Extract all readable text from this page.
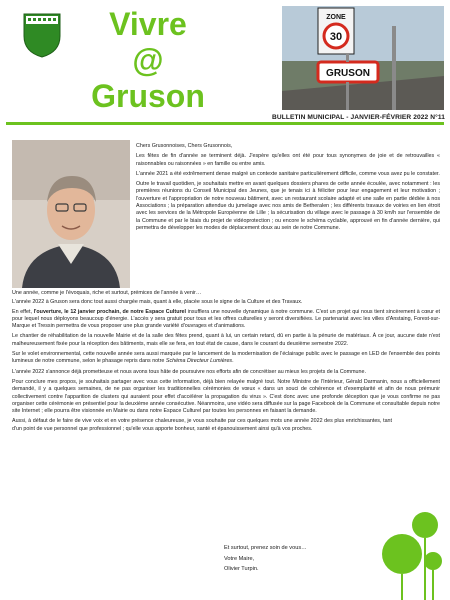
Vivre
@
Gruson
ZONE
30
GRUSON
BULLETIN MUNICIPAL - JANVIER-FÉVRIER 2022 N°11

Chers Grusonnoises, Chers Grusonnois,

Les fêtes de fin d'année se terminent déjà. J'espère qu'elles ont été pour tous synonymes de joie et de retrouvailles « raisonnables ou raisonnées » en famille ou entre amis.

L'année 2021 a été extrêmement dense malgré un contexte sanitaire particulièrement difficile, comme vous avez pu le constater.

Outre le travail quotidien, je souhaitais mettre en avant quelques dossiers phares de cette année écoulée, avec notamment : les premières réunions du Conseil Municipal des Jeunes, que je tenais ici à féliciter pour leur engagement et leur motivation ; l'ouverture et l'appropriation de notre nouveau bâtiment, avec un restaurant scolaire adapté et une salle en partie dédiée à nos Associations ; la préparation attendue du jumelage avec nos amis de Betheralen ; les différents travaux de voiries en lien étroit avec les services de la Métropole Européenne de Lille ; la sécurisation du village avec le passage à 30 km/h sur l'ensemble de la Commune et par le biais du projet de vidéoprotection ; ou encore le schéma cyclable, approuvé en fin d'année dernière, qui permettra de développer les modes de déplacement doux au sein de notre Commune.

Une année, comme je l'évoquais, riche et surtout, prémices de l'année à venir…

L'année 2022 à Gruson sera donc tout aussi chargée mais, quant à elle, placée sous le signe de la Culture et des Travaux.

En effet, l'ouverture, le 12 janvier prochain, de notre Espace Culturel insufflera une nouvelle dynamique à notre commune. C'est un projet qui nous tient sincèrement à cœur et pour lequel nous déployons beaucoup d'énergie. L'accès y sera gratuit pour tous et les offres culturelles y seront diversifiées. Le partenariat avec les villes d'Anstaing, Forest-sur-Marque et Tressin permettra de vous proposer une plus grande variété d'ouvrages et d'animations.

Le chantier de réhabilitation de la nouvelle Mairie et de la salle des fêtes prend, quant à lui, un certain retard, dû en partie à la pénurie de matériaux. À ce jour, aucune date n'est malheureusement fixée pour la réception des bâtiments, mais elle se fera, en tout état de cause, dans le courant du deuxième semestre 2022.

Sur le volet environnemental, cette nouvelle année sera aussi marquée par le lancement de la modernisation de l'éclairage public avec le passage en LED de l'ensemble des points lumineux de notre commune, selon le phasage repris dans notre Schéma Directeur Lumières.

L'année 2022 s'annonce déjà prometteuse et nous avons tous hâte de poursuivre nos efforts afin de concrétiser au mieux les projets de la Commune.

Pour conclure mes propos, je souhaitais partager avec vous cette information, déjà bien relayée malgré tout. Notre Ministre de l'Intérieur, Gérald Darmanin, nous a officiellement demandé, il y a quelques semaines, de ne pas organiser les traditionnelles cérémonies de vœux « dans un souci de cohérence et d'exemplarité et afin de nous prémunir collectivement contre l'apparition de clusters qui auraient pour effet d'accélérer la propagation du virus ». C'est donc avec une profonde déception que je vous confirme ne pas organiser cette cérémonie en présentiel pour la deuxième année consécutive. Néanmoins, une vidéo sera diffusée sur la page Facebook de la Commune et consultable depuis notre site Internet ; elle pourra être visionnée en Mairie ou dans notre Espace Culturel par toutes les personnes en faisant la demande.

Aussi, à défaut de le faire de vive voix et en votre présence chaleureuse, je vous souhaite par ces quelques mots une année 2022 des plus enrichissantes, tant d'un point de vue personnel que professionnel ; qu'elle vous apporte bonheur, santé et épanouissement ainsi qu'à vos proches.

Et surtout, prenez soin de vous…
Votre Maire,
Olivier Turpin.
